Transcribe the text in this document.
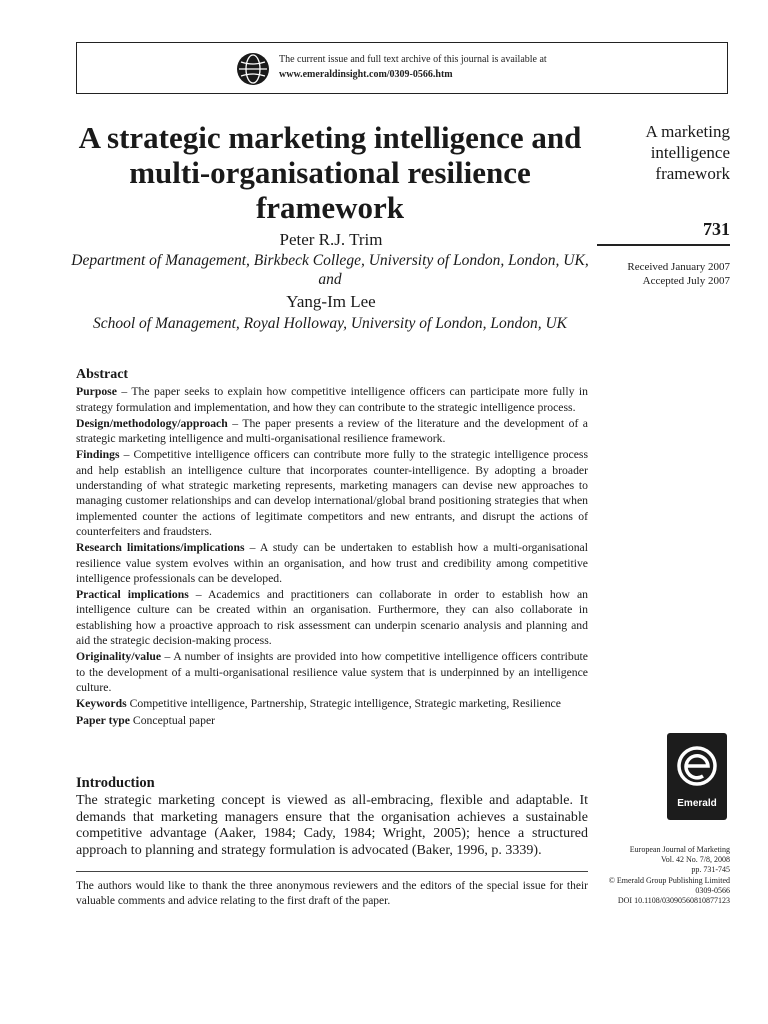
The current issue and full text archive of this journal is available at
www.emeraldinsight.com/0309-0566.htm
A strategic marketing intelligence and multi-organisational resilience framework
Peter R.J. Trim
Department of Management, Birkbeck College, University of London, London, UK, and
Yang-Im Lee
School of Management, Royal Holloway, University of London, London, UK
A marketing intelligence framework
731
Received January 2007
Accepted July 2007
Abstract

Purpose – The paper seeks to explain how competitive intelligence officers can participate more fully in strategy formulation and implementation, and how they can contribute to the strategic intelligence process.

Design/methodology/approach – The paper presents a review of the literature and the development of a strategic marketing intelligence and multi-organisational resilience framework.

Findings – Competitive intelligence officers can contribute more fully to the strategic intelligence process and help establish an intelligence culture that incorporates counter-intelligence. By adopting a broader understanding of what strategic marketing represents, marketing managers can devise new approaches to managing customer relationships and can develop international/global brand positioning strategies that when implemented counter the actions of legitimate competitors and new entrants, and disrupt the actions of counterfeiters and fraudsters.

Research limitations/implications – A study can be undertaken to establish how a multi-organisational resilience value system evolves within an organisation, and how trust and credibility among competitive intelligence professionals can be developed.

Practical implications – Academics and practitioners can collaborate in order to establish how an intelligence culture can be created within an organisation. Furthermore, they can also collaborate in establishing how a proactive approach to risk assessment can underpin scenario analysis and planning and aid the strategic decision-making process.

Originality/value – A number of insights are provided into how competitive intelligence officers contribute to the development of a multi-organisational resilience value system that is underpinned by an intelligence culture.

Keywords Competitive intelligence, Partnership, Strategic intelligence, Strategic marketing, Resilience

Paper type Conceptual paper

Introduction

The strategic marketing concept is viewed as all-embracing, flexible and adaptable. It demands that marketing managers ensure that the organisation achieves a sustainable competitive advantage (Aaker, 1984; Cady, 1984; Wright, 2005); hence a structured approach to planning and strategy formulation is advocated (Baker, 1996, p. 3339).

The authors would like to thank the three anonymous reviewers and the editors of the special issue for their valuable comments and advice relating to the first draft of the paper.
Emerald
European Journal of Marketing
Vol. 42 No. 7/8, 2008
pp. 731-745
© Emerald Group Publishing Limited
0309-0566
DOI 10.1108/03090560810877123
